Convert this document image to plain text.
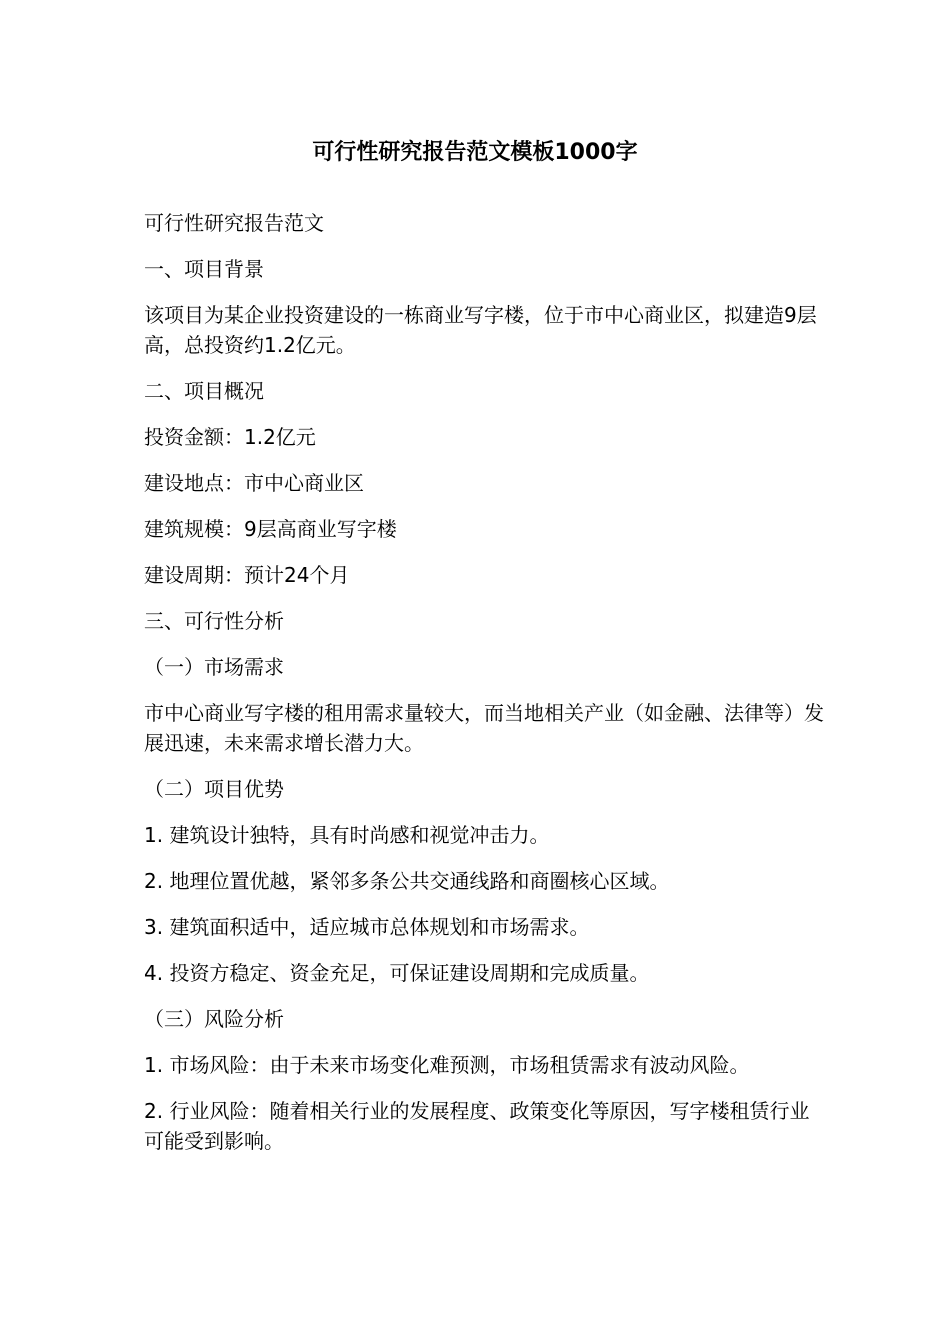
可行性研究报告范文模板1000字

可行性研究报告范文

一、项目背景

该项目为某企业投资建设的一栋商业写字楼，位于市中心商业区，拟建造9层高，总投资约1.2亿元。

二、项目概况

投资金额：1.2亿元

建设地点：市中心商业区

建筑规模：9层高商业写字楼

建设周期：预计24个月

三、可行性分析

（一）市场需求

市中心商业写字楼的租用需求量较大，而当地相关产业（如金融、法律等）发展迅速，未来需求增长潜力大。

（二）项目优势

1. 建筑设计独特，具有时尚感和视觉冲击力。

2. 地理位置优越，紧邻多条公共交通线路和商圈核心区域。

3. 建筑面积适中，适应城市总体规划和市场需求。

4. 投资方稳定、资金充足，可保证建设周期和完成质量。

（三）风险分析

1. 市场风险：由于未来市场变化难预测，市场租赁需求有波动风险。

2. 行业风险：随着相关行业的发展程度、政策变化等原因，写字楼租赁行业可能受到影响。
